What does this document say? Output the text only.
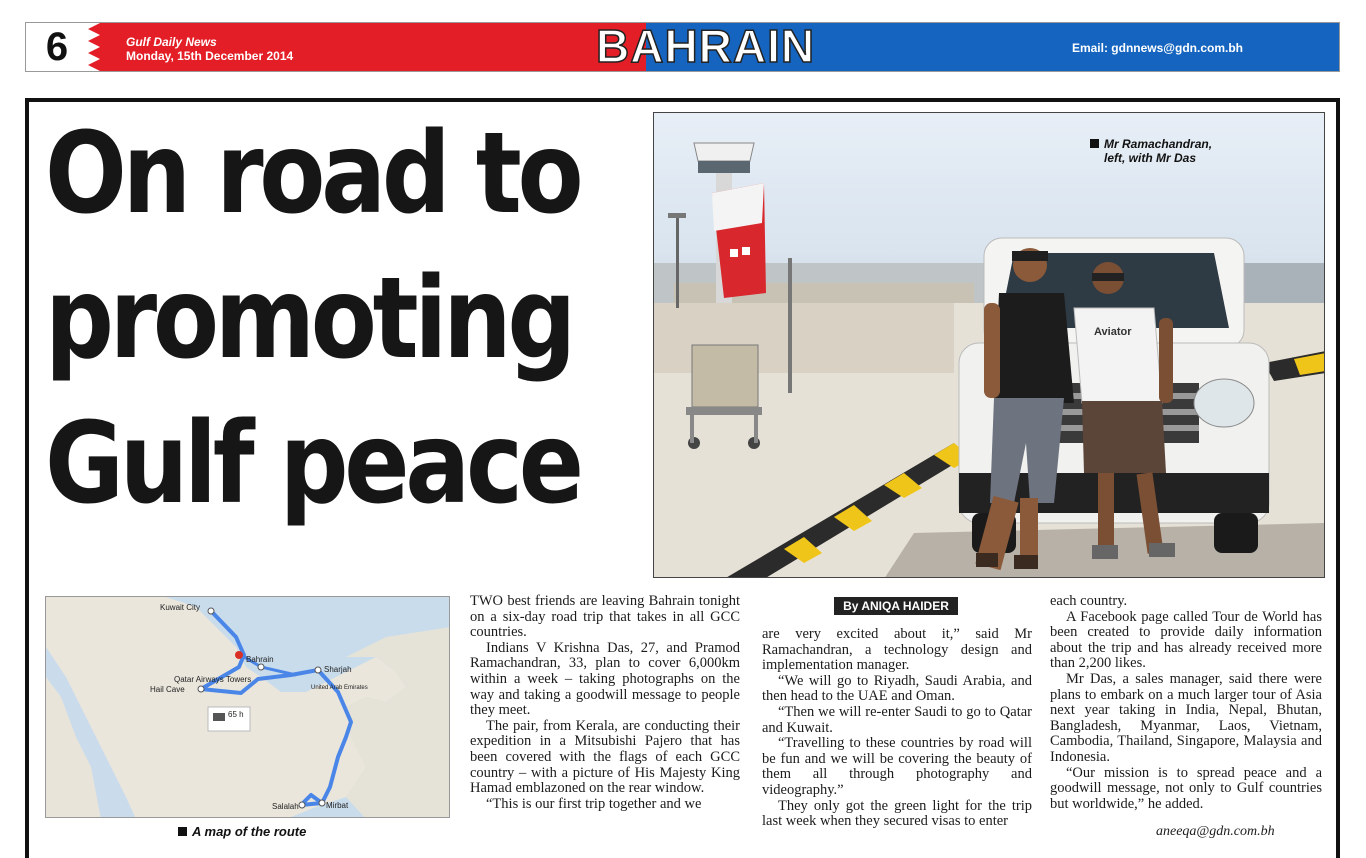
6	Gulf Daily News
Monday, 15th December 2014	BAHRAIN	Email: gdnnews@gdn.com.bh
On road to
promoting
Gulf peace
Aviator
Mr Ramachandran,
left, with Mr Das
Kuwait City
Bahrain
Qatar Airways Towers
Sharjah
Hail Cave	United Arab Emirates
65 h
Salalah	Mirbat
A map of the route
By ANIQA HAIDER

TWO best friends are leaving Bahrain tonight on a six-day road trip that takes in all GCC countries.

Indians V Krishna Das, 27, and Pramod Ramachandran, 33, plan to cover 6,000km within a week – taking photographs on the way and taking a goodwill message to people they meet.

The pair, from Kerala, are conducting their expedition in a Mitsubishi Pajero that has been covered with the flags of each GCC country – with a picture of His Majesty King Hamad emblazoned on the rear window.

“This is our first trip together and we

are very excited about it,” said Mr Ramachandran, a technology design and implementation manager.

“We will go to Riyadh, Saudi Arabia, and then head to the UAE and Oman.

“Then we will re-enter Saudi to go to Qatar and Kuwait.

“Travelling to these countries by road will be fun and we will be covering the beauty of them all through photography and videography.”

They only got the green light for the trip last week when they secured visas to enter

each country.

A Facebook page called Tour de World has been created to provide daily information about the trip and has already received more than 2,200 likes.

Mr Das, a sales manager, said there were plans to embark on a much larger tour of Asia next year taking in India, Nepal, Bhutan, Bangladesh, Myanmar, Laos, Vietnam, Cambodia, Thailand, Singapore, Malaysia and Indonesia.

“Our mission is to spread peace and a goodwill message, not only to Gulf countries but worldwide,” he added.

aneeqa@gdn.com.bh
